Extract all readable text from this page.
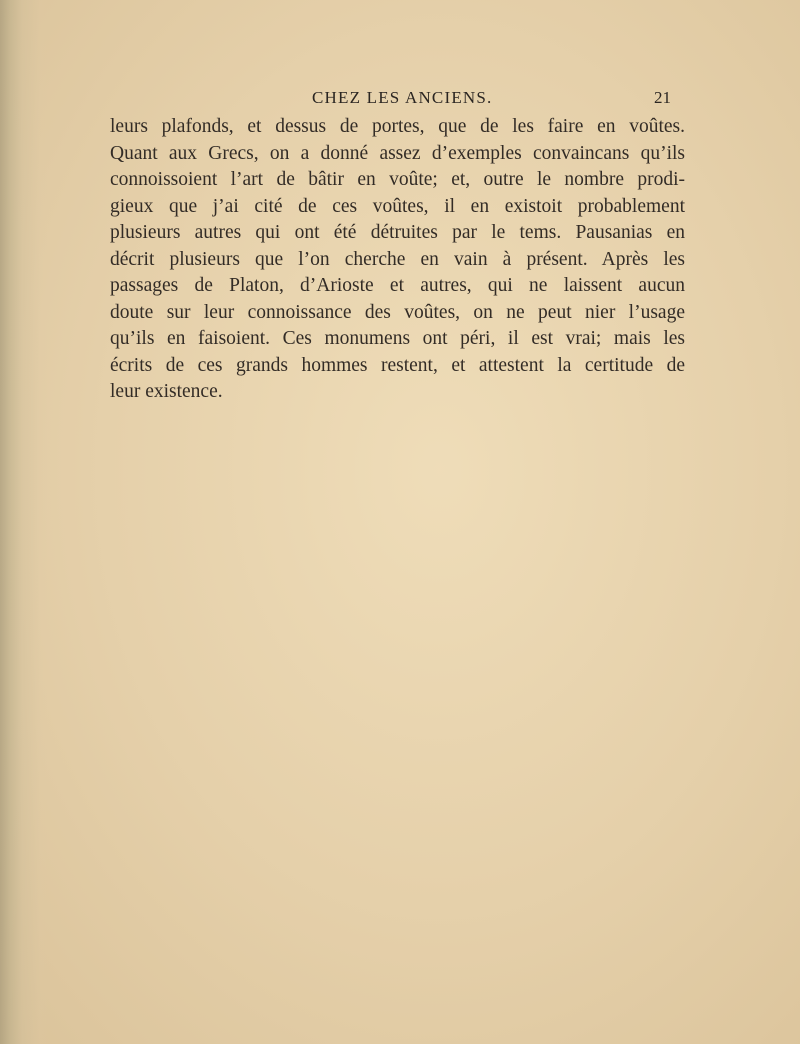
CHEZ LES ANCIENS.	21
leurs plafonds, et dessus de portes, que de les faire en voûtes.
Quant aux Grecs, on a donné assez d’exemples convaincans qu’ils
connoissoient l’art de bâtir en voûte; et, outre le nombre prodi-
gieux que j’ai cité de ces voûtes, il en existoit probablement
plusieurs autres qui ont été détruites par le tems. Pausanias en
décrit plusieurs que l’on cherche en vain à présent. Après les
passages de Platon, d’Arioste et autres, qui ne laissent aucun
doute sur leur connoissance des voûtes, on ne peut nier l’usage
qu’ils en faisoient. Ces monumens ont péri, il est vrai; mais les
écrits de ces grands hommes restent, et attestent la certitude de
leur existence.
